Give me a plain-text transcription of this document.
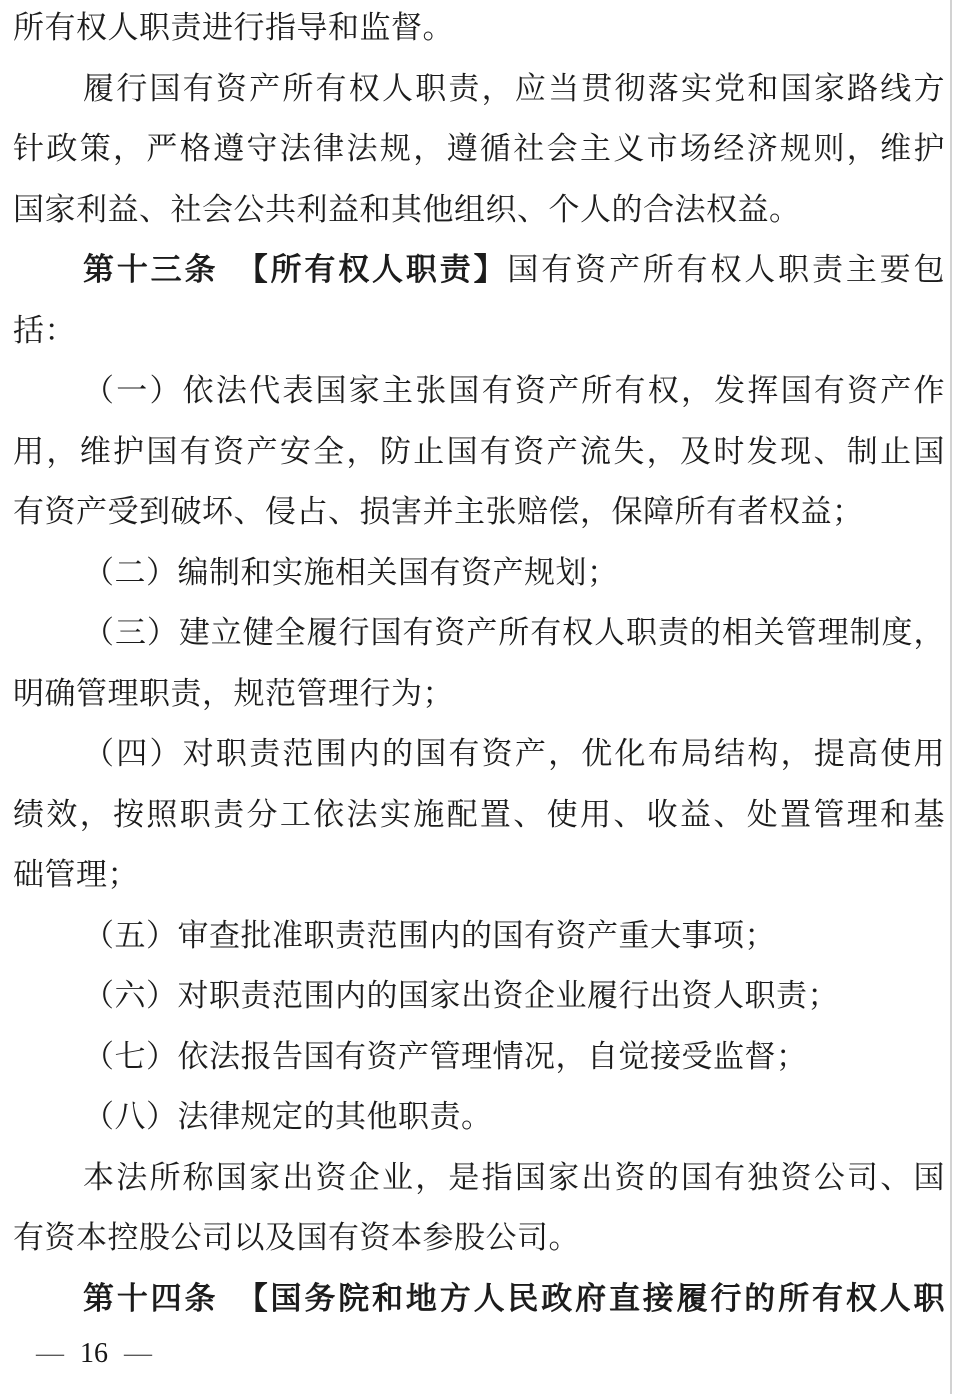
所有权人职责进行指导和监督。
履行国有资产所有权人职责，应当贯彻落实党和国家路线方
针政策，严格遵守法律法规，遵循社会主义市场经济规则，维护
国家利益、社会公共利益和其他组织、个人的合法权益。
第十三条　【所有权人职责】国有资产所有权人职责主要包
括：
（一）依法代表国家主张国有资产所有权，发挥国有资产作
用，维护国有资产安全，防止国有资产流失，及时发现、制止国
有资产受到破坏、侵占、损害并主张赔偿，保障所有者权益；
（二）编制和实施相关国有资产规划；
（三）建立健全履行国有资产所有权人职责的相关管理制度，
明确管理职责，规范管理行为；
（四）对职责范围内的国有资产，优化布局结构，提高使用
绩效，按照职责分工依法实施配置、使用、收益、处置管理和基
础管理；
（五）审查批准职责范围内的国有资产重大事项；
（六）对职责范围内的国家出资企业履行出资人职责；
（七）依法报告国有资产管理情况，自觉接受监督；
（八）法律规定的其他职责。
本法所称国家出资企业，是指国家出资的国有独资公司、国
有资本控股公司以及国有资本参股公司。
第十四条　【国务院和地方人民政府直接履行的所有权人职
— 16 —
